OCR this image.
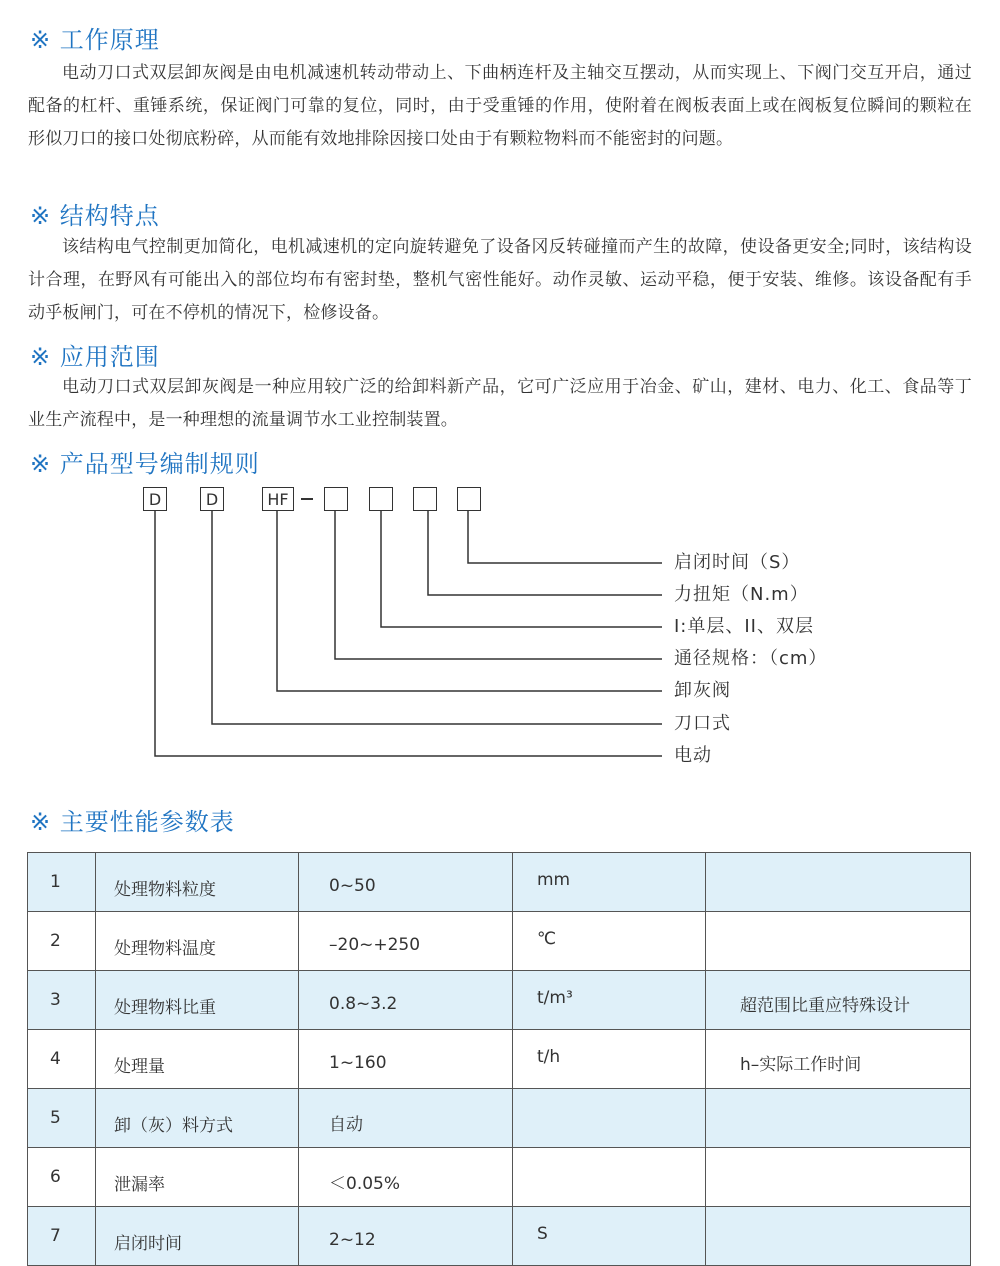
※ 工作原理

电动刀口式双层卸灰阀是由电机减速机转动带动上、下曲柄连杆及主轴交互摆动，从而实现上、下阀门交互开启，通过配备的杠杆、重锤系统，保证阀门可靠的复位，同时，由于受重锤的作用，使附着在阀板表面上或在阀板复位瞬间的颗粒在形似刀口的接口处彻底粉碎，从而能有效地排除因接口处由于有颗粒物料而不能密封的问题。

※ 结构特点

该结构电气控制更加简化，电机减速机的定向旋转避免了设备冈反转碰撞而产生的故障，使设备更安全;同时，该结构设计合理，在野风有可能出入的部位均布有密封垫，整机气密性能好。动作灵敏、运动平稳，便于安装、维修。该设备配有手动乎板闸门，可在不停机的情况下，检修设备。

※ 应用范围

电动刀口式双层卸灰阀是一种应用较广泛的给卸料新产品，它可广泛应用于冶金、矿山，建材、电力、化工、食品等丁业生产流程中，是一种理想的流量调节水工业控制装置。

※ 产品型号编制规则
D	D	HF
启闭时间（S）
力扭矩（N.m）
I:单层、II、双层
通径规格：（cm）
卸灰阀
刀口式
电动
※ 主要性能参数表
1	处理物料粒度	0~50	mm	
2	处理物料温度	–20~+250	℃	
3	处理物料比重	0.8~3.2	t/m³	超范围比重应特殊设计
4	处理量	1~160	t/h	h–实际工作时间
5	卸（灰）料方式	自动		
6	泄漏率	＜0.05%		
7	启闭时间	2~12	S	
